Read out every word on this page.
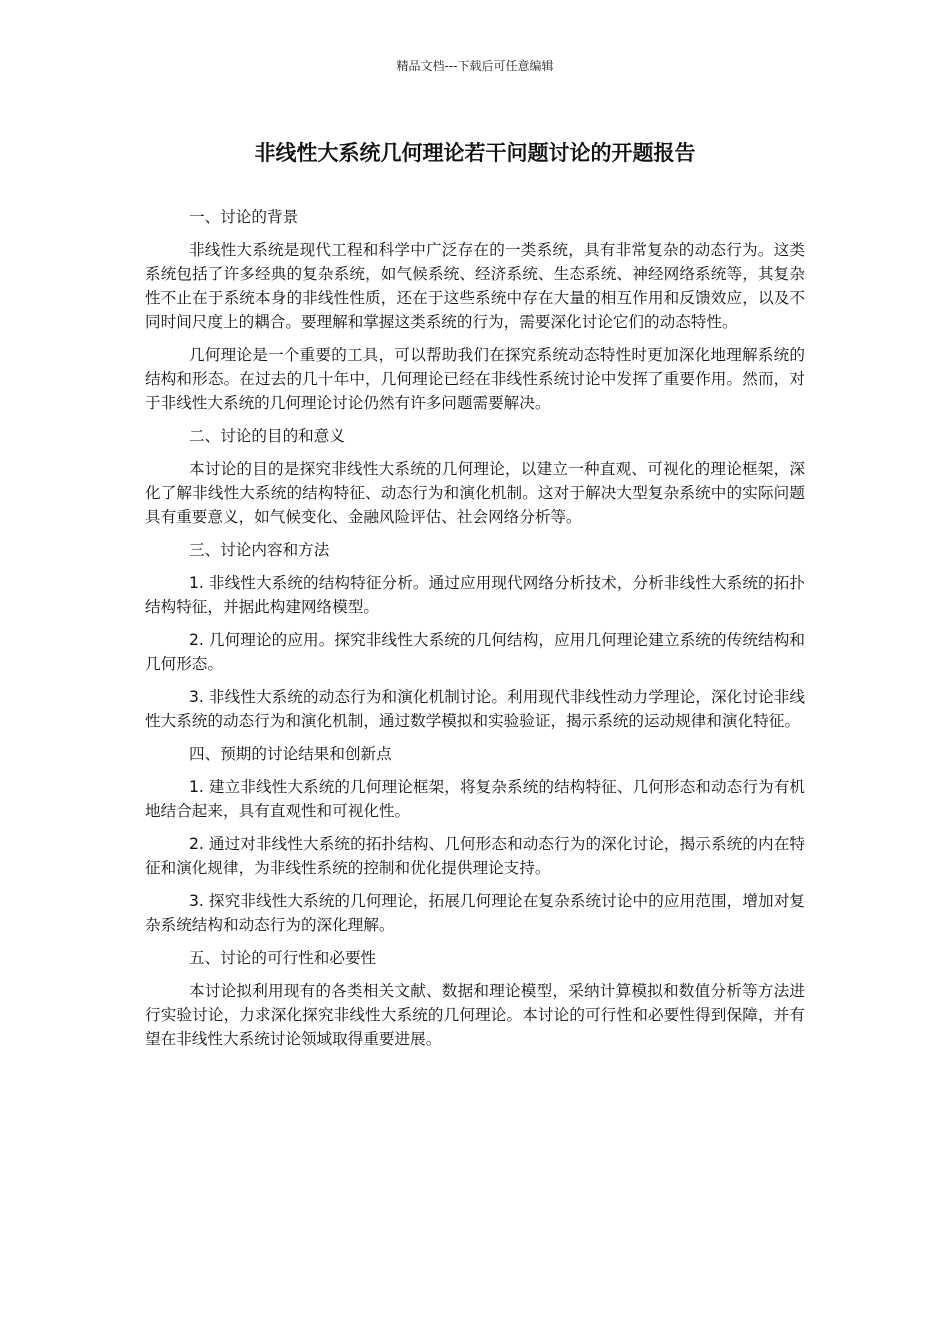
精品文档---下载后可任意编辑
非线性大系统几何理论若干问题讨论的开题报告

一、讨论的背景

非线性大系统是现代工程和科学中广泛存在的一类系统，具有非常复杂的动态行为。这类系统包括了许多经典的复杂系统，如气候系统、经济系统、生态系统、神经网络系统等，其复杂性不止在于系统本身的非线性性质，还在于这些系统中存在大量的相互作用和反馈效应，以及不同时间尺度上的耦合。要理解和掌握这类系统的行为，需要深化讨论它们的动态特性。

几何理论是一个重要的工具，可以帮助我们在探究系统动态特性时更加深化地理解系统的结构和形态。在过去的几十年中，几何理论已经在非线性系统讨论中发挥了重要作用。然而，对于非线性大系统的几何理论讨论仍然有许多问题需要解决。

二、讨论的目的和意义

本讨论的目的是探究非线性大系统的几何理论，以建立一种直观、可视化的理论框架，深化了解非线性大系统的结构特征、动态行为和演化机制。这对于解决大型复杂系统中的实际问题具有重要意义，如气候变化、金融风险评估、社会网络分析等。

三、讨论内容和方法

1. 非线性大系统的结构特征分析。通过应用现代网络分析技术，分析非线性大系统的拓扑结构特征，并据此构建网络模型。

2. 几何理论的应用。探究非线性大系统的几何结构，应用几何理论建立系统的传统结构和几何形态。

3. 非线性大系统的动态行为和演化机制讨论。利用现代非线性动力学理论，深化讨论非线性大系统的动态行为和演化机制，通过数学模拟和实验验证，揭示系统的运动规律和演化特征。

四、预期的讨论结果和创新点

1. 建立非线性大系统的几何理论框架，将复杂系统的结构特征、几何形态和动态行为有机地结合起来，具有直观性和可视化性。

2. 通过对非线性大系统的拓扑结构、几何形态和动态行为的深化讨论，揭示系统的内在特征和演化规律，为非线性系统的控制和优化提供理论支持。

3. 探究非线性大系统的几何理论，拓展几何理论在复杂系统讨论中的应用范围，增加对复杂系统结构和动态行为的深化理解。

五、讨论的可行性和必要性

本讨论拟利用现有的各类相关文献、数据和理论模型，采纳计算模拟和数值分析等方法进行实验讨论，力求深化探究非线性大系统的几何理论。本讨论的可行性和必要性得到保障，并有望在非线性大系统讨论领域取得重要进展。
